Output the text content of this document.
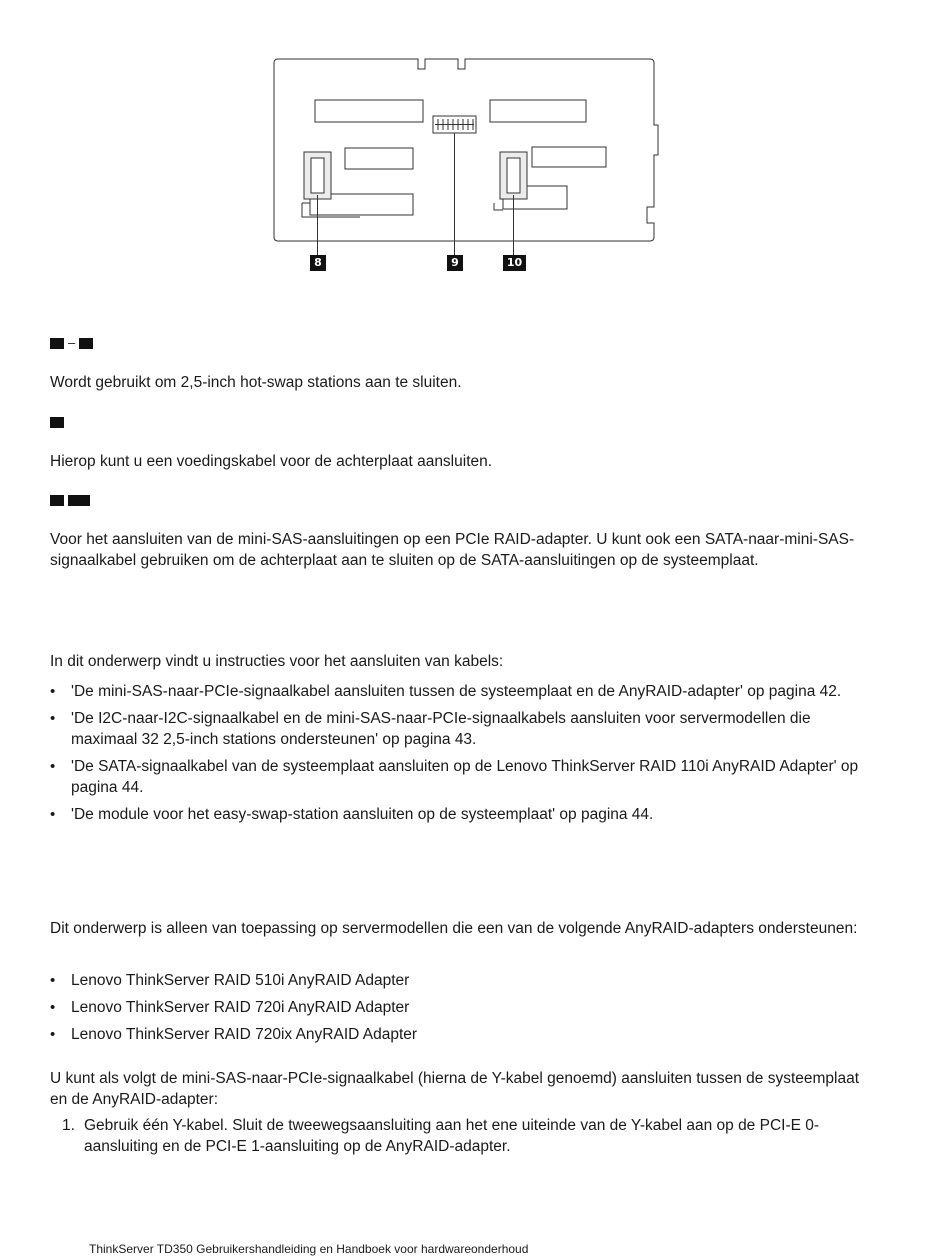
8	9	10
–

Wordt gebruikt om 2,5-inch hot-swap stations aan te sluiten.

Hierop kunt u een voedingskabel voor de achterplaat aansluiten.

Voor het aansluiten van de mini-SAS-aansluitingen op een PCIe RAID-adapter. U kunt ook een SATA-naar-mini-SAS-signaalkabel gebruiken om de achterplaat aan te sluiten op de SATA-aansluitingen op de systeemplaat.

In dit onderwerp vindt u instructies voor het aansluiten van kabels:

• 'De mini-SAS-naar-PCIe-signaalkabel aansluiten tussen de systeemplaat en de AnyRAID-adapter' op pagina 42.
• 'De I2C-naar-I2C-signaalkabel en de mini-SAS-naar-PCIe-signaalkabels aansluiten voor servermodellen die maximaal 32 2,5-inch stations ondersteunen' op pagina 43.
• 'De SATA-signaalkabel van de systeemplaat aansluiten op de Lenovo ThinkServer RAID 110i AnyRAID Adapter' op pagina 44.
• 'De module voor het easy-swap-station aansluiten op de systeemplaat' op pagina 44.

Dit onderwerp is alleen van toepassing op servermodellen die een van de volgende AnyRAID-adapters ondersteunen:

• Lenovo ThinkServer RAID 510i AnyRAID Adapter
• Lenovo ThinkServer RAID 720i AnyRAID Adapter
• Lenovo ThinkServer RAID 720ix AnyRAID Adapter

U kunt als volgt de mini-SAS-naar-PCIe-signaalkabel (hierna de Y-kabel genoemd) aansluiten tussen de systeemplaat en de AnyRAID-adapter:

1. Gebruik één Y-kabel. Sluit de tweewegsaansluiting aan het ene uiteinde van de Y-kabel aan op de PCI-E 0-aansluiting en de PCI-E 1-aansluiting op de AnyRAID-adapter.
ThinkServer TD350 Gebruikershandleiding en Handboek voor hardwareonderhoud
